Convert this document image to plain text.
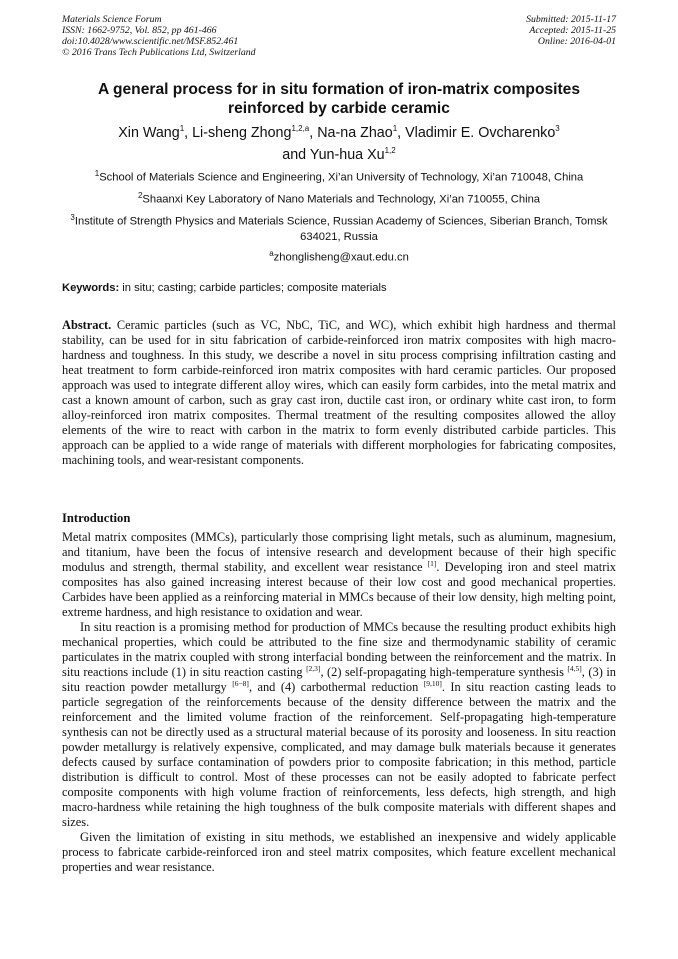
Materials Science Forum
ISSN: 1662-9752, Vol. 852, pp 461-466
doi:10.4028/www.scientific.net/MSF.852.461
© 2016 Trans Tech Publications Ltd, Switzerland
Submitted: 2015-11-17
Accepted: 2015-11-25
Online: 2016-04-01
A general process for in situ formation of iron-matrix composites
reinforced by carbide ceramic
Xin Wang$^1$, Li-sheng Zhong$^{1,2,a}$, Na-na Zhao$^1$, Vladimir E. Ovcharenko$^3$
and Yun-hua Xu$^{1,2}$
$^1$School of Materials Science and Engineering, Xi’an University of Technology, Xi’an 710048, China
$^2$Shaanxi Key Laboratory of Nano Materials and Technology, Xi’an 710055, China
$^3$Institute of Strength Physics and Materials Science, Russian Academy of Sciences, Siberian Branch, Tomsk 634021, Russia
$^a$zhonglisheng@xaut.edu.cn
Keywords: in situ; casting; carbide particles; composite materials
Abstract. Ceramic particles (such as VC, NbC, TiC, and WC), which exhibit high hardness and thermal stability, can be used for in situ fabrication of carbide-reinforced iron matrix composites with high macro-hardness and toughness. In this study, we describe a novel in situ process comprising infiltration casting and heat treatment to form carbide-reinforced iron matrix composites with hard ceramic particles. Our proposed approach was used to integrate different alloy wires, which can easily form carbides, into the metal matrix and cast a known amount of carbon, such as gray cast iron, ductile cast iron, or ordinary white cast iron, to form alloy-reinforced iron matrix composites. Thermal treatment of the resulting composites allowed the alloy elements of the wire to react with carbon in the matrix to form evenly distributed carbide particles. This approach can be applied to a wide range of materials with different morphologies for fabricating composites, machining tools, and wear-resistant components.
Introduction

Metal matrix composites (MMCs), particularly those comprising light metals, such as aluminum, magnesium, and titanium, have been the focus of intensive research and development because of their high specific modulus and strength, thermal stability, and excellent wear resistance [1]. Developing iron and steel matrix composites has also gained increasing interest because of their low cost and good mechanical properties. Carbides have been applied as a reinforcing material in MMCs because of their low density, high melting point, extreme hardness, and high resistance to oxidation and wear.

In situ reaction is a promising method for production of MMCs because the resulting product exhibits high mechanical properties, which could be attributed to the fine size and thermodynamic stability of ceramic particulates in the matrix coupled with strong interfacial bonding between the reinforcement and the matrix. In situ reactions include (1) in situ reaction casting [2,3], (2) self-propagating high-temperature synthesis [4,5], (3) in situ reaction powder metallurgy [6−8], and (4) carbothermal reduction [9,10]. In situ reaction casting leads to particle segregation of the reinforcements because of the density difference between the matrix and the reinforcement and the limited volume fraction of the reinforcement. Self-propagating high-temperature synthesis can not be directly used as a structural material because of its porosity and looseness. In situ reaction powder metallurgy is relatively expensive, complicated, and may damage bulk materials because it generates defects caused by surface contamination of powders prior to composite fabrication; in this method, particle distribution is difficult to control. Most of these processes can not be easily adopted to fabricate perfect composite components with high volume fraction of reinforcements, less defects, high strength, and high macro-hardness while retaining the high toughness of the bulk composite materials with different shapes and sizes.

Given the limitation of existing in situ methods, we established an inexpensive and widely applicable process to fabricate carbide-reinforced iron and steel matrix composites, which feature excellent mechanical properties and wear resistance.
